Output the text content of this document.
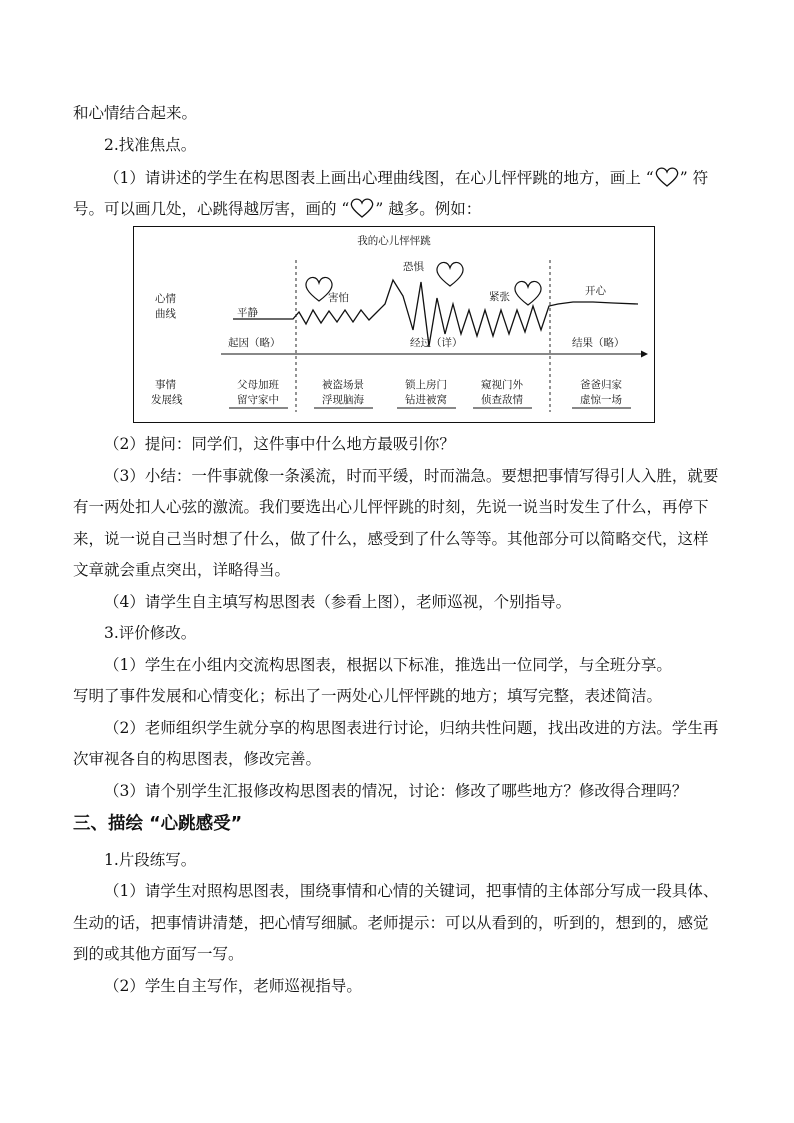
和心情结合起来。

2.找准焦点。

（1）请讲述的学生在构思图表上画出心理曲线图，在心儿怦怦跳的地方，画上 “ ” 符

号。可以画几处，心跳得越厉害，画的 “ ” 越多。例如：

我的心儿怦怦跳
心情
曲线
事情
发展线
平静
害怕
恐惧
紧张	开心
起因（略）	经过（详）	结果（略）
父母加班
留守家中
被盗场景
浮现脑海
锁上房门
钻进被窝
窥视门外
侦查敌情
爸爸归家
虚惊一场

（2）提问：同学们，这件事中什么地方最吸引你？

（3）小结：一件事就像一条溪流，时而平缓，时而湍急。要想把事情写得引人入胜，就要

有一两处扣人心弦的激流。我们要选出心儿怦怦跳的时刻，先说一说当时发生了什么，再停下

来，说一说自己当时想了什么，做了什么，感受到了什么等等。其他部分可以简略交代，这样

文章就会重点突出，详略得当。

（4）请学生自主填写构思图表（参看上图），老师巡视，个别指导。

3.评价修改。

（1）学生在小组内交流构思图表，根据以下标准，推选出一位同学，与全班分享。

写明了事件发展和心情变化；标出了一两处心儿怦怦跳的地方；填写完整，表述简洁。

（2）老师组织学生就分享的构思图表进行讨论，归纳共性问题，找出改进的方法。学生再

次审视各自的构思图表，修改完善。

（3）请个别学生汇报修改构思图表的情况，讨论：修改了哪些地方？修改得合理吗？

三、描绘 “心跳感受”

1.片段练写。

（1）请学生对照构思图表，围绕事情和心情的关键词，把事情的主体部分写成一段具体、

生动的话，把事情讲清楚，把心情写细腻。老师提示：可以从看到的，听到的，想到的，感觉

到的或其他方面写一写。

（2）学生自主写作，老师巡视指导。
